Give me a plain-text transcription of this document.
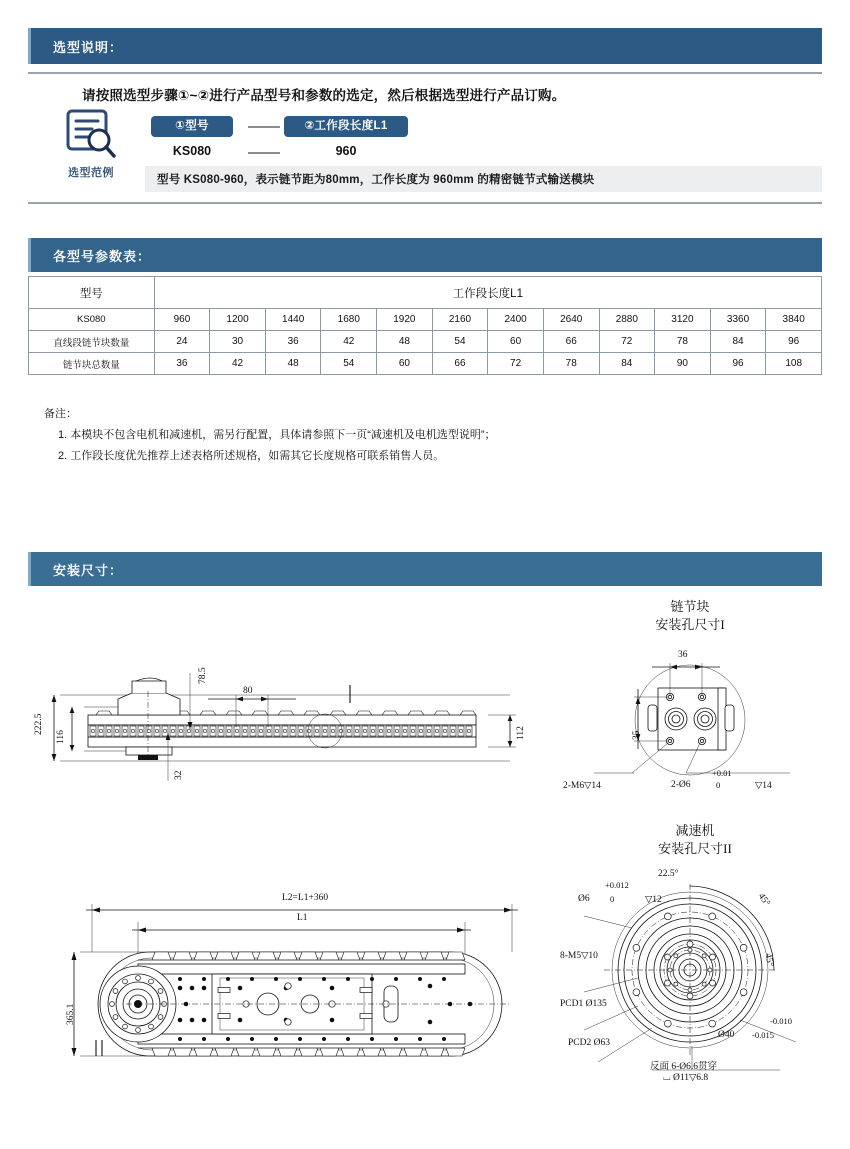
选型说明：
请按照选型步骤①~②进行产品型号和参数的选定，然后根据选型进行产品订购。
选型范例
①型号	②工作段长度L1
KS080	960
型号 KS080-960，表示链节距为80mm，工作长度为 960mm 的精密链节式输送模块
各型号参数表：
型号	工作段长度L1											
KS080	960	1200	1440	1680	1920	2160	2400	2640	2880	3120	3360	3840
直线段链节块数量	24	30	36	42	48	54	60	66	72	78	84	96
链节块总数量	36	42	48	54	60	66	72	78	84	90	96	108
备注：
1. 本模块不包含电机和减速机，需另行配置，具体请参照下一页“减速机及电机选型说明”；
2. 工作段长度优先推荐上述表格所述规格，如需其它长度规格可联系销售人员。
安装尺寸：
链节块
安装孔尺寸I
36
35
2-M6▽14	2-Ø6
+0.01
0	▽14
222.5
116
80
78.5
32
112
减速机
安装孔尺寸II
+0.012
Ø6 0	▽12
22.5°
45°
45°
8-M5▽10
PCD1 Ø135
PCD2 Ø63
-0.010
Ø40 -0.015
反面 6-Ø6.6贯穿
⌴ Ø11▽6.8
L2=L1+360
L1
365.1
